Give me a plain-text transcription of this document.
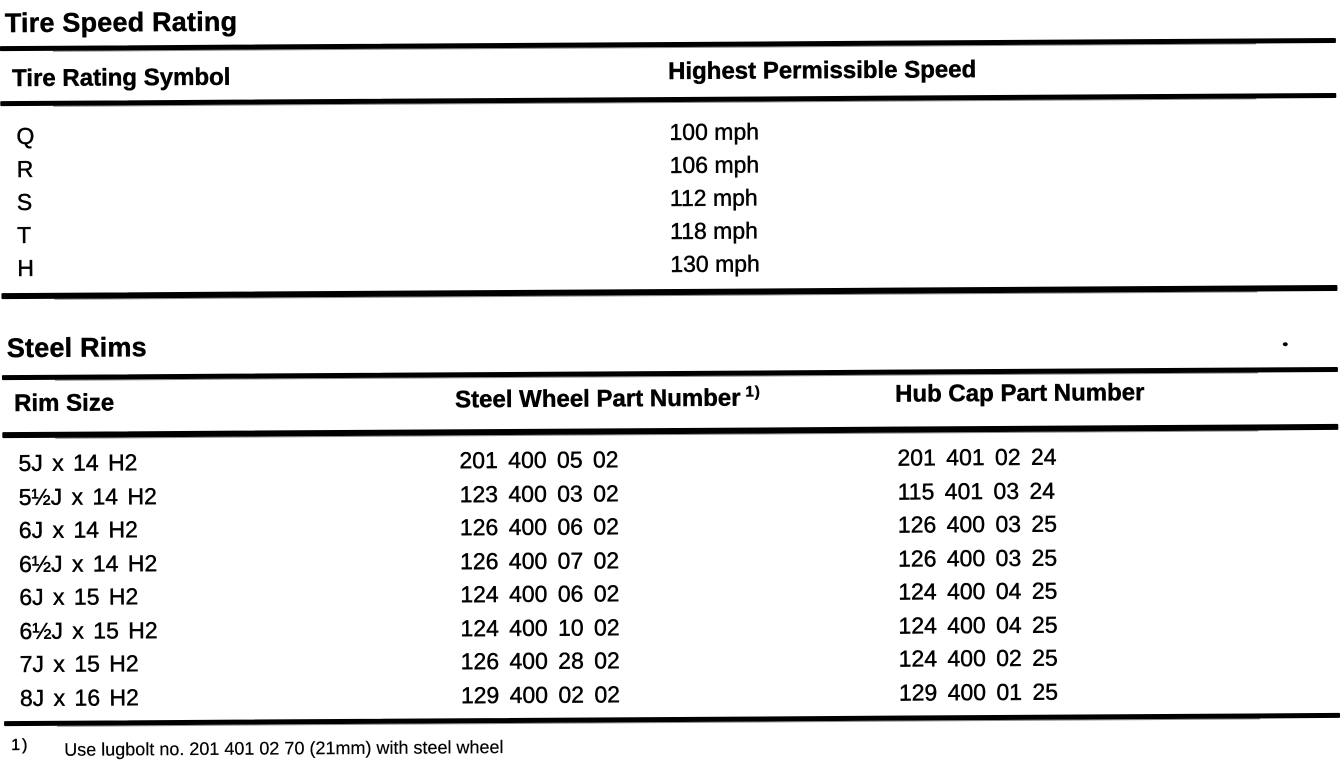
Tire Speed Rating
Tire Rating Symbol	Highest Permissible Speed
Q	100 mph
R	106 mph
S	112 mph
T	118 mph
H	130 mph
Steel Rims
Rim Size	Steel Wheel Part Number $^{1)}$	Hub Cap Part Number
5J x 14 H2	201 400 05 02	201 401 02 24
5½J x 14 H2	123 400 03 02	115 401 03 24
6J x 14 H2	126 400 06 02	126 400 03 25
6½J x 14 H2	126 400 07 02	126 400 03 25
6J x 15 H2	124 400 06 02	124 400 04 25
6½J x 15 H2	124 400 10 02	124 400 04 25
7J x 15 H2	126 400 28 02	124 400 02 25
8J x 16 H2	129 400 02 02	129 400 01 25
1) Use lugbolt no. 201 401 02 70 (21mm) with steel wheel
